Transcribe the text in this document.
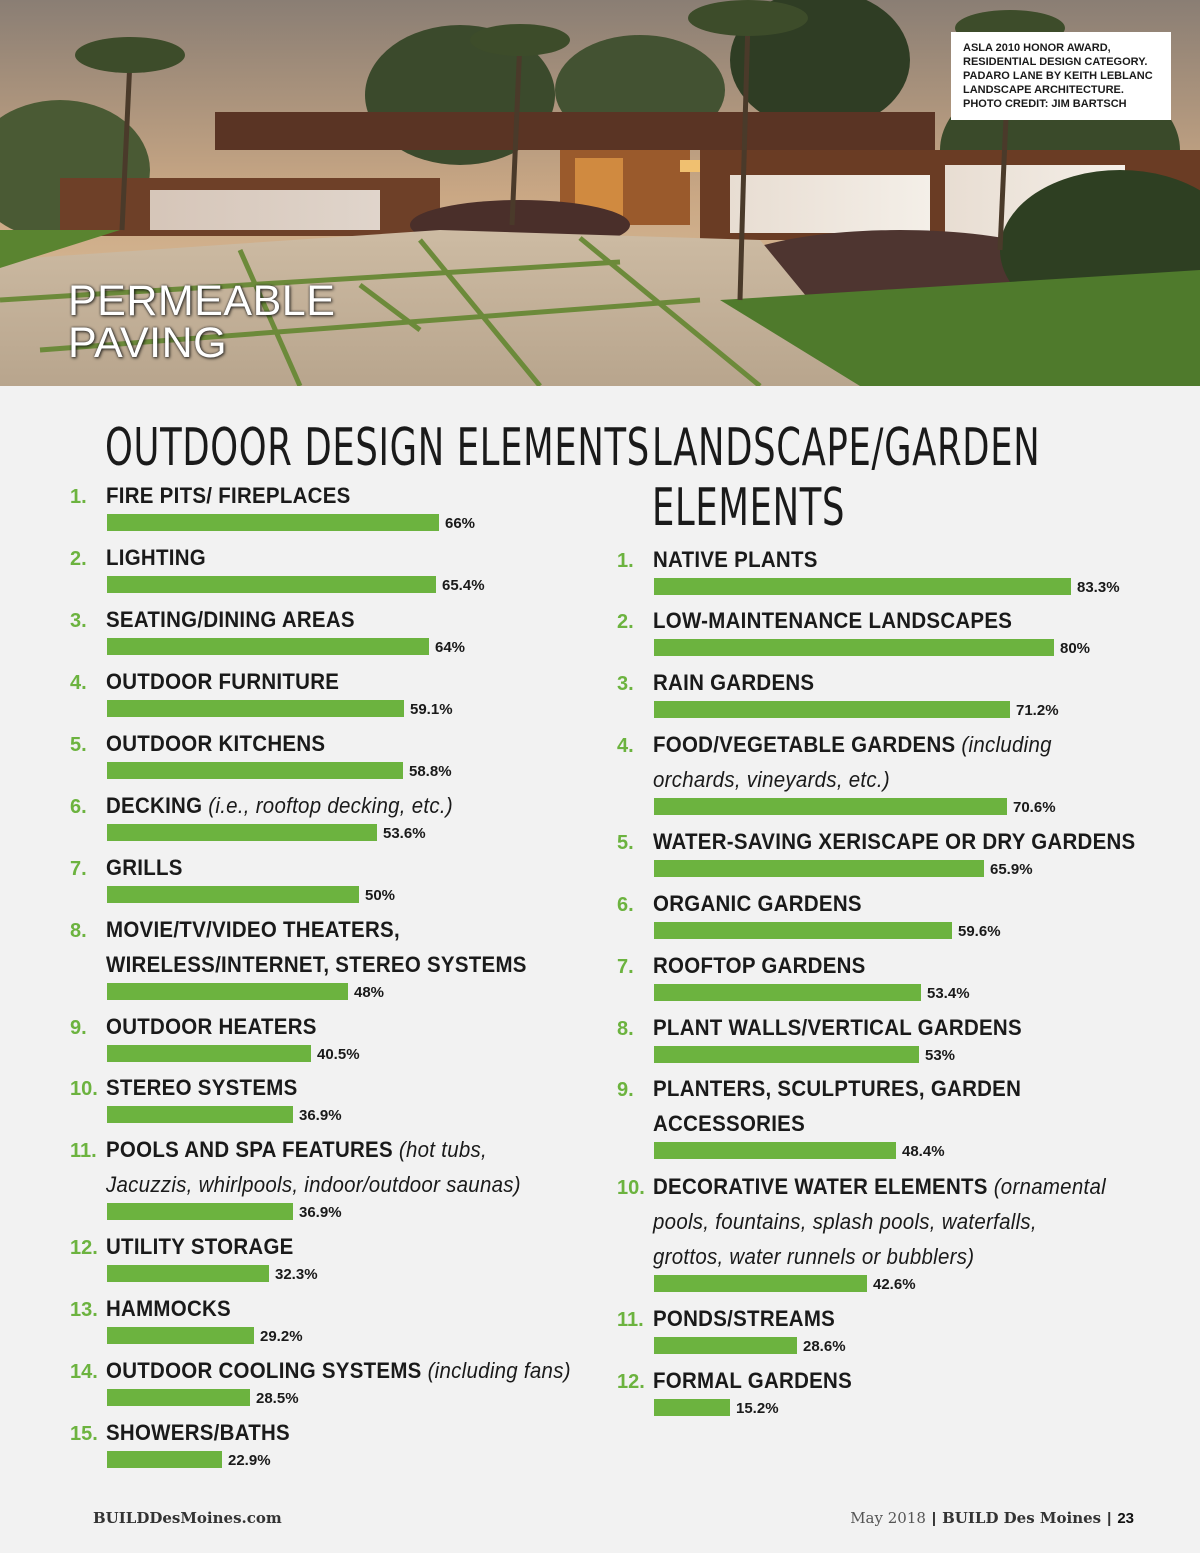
PERMEABLE
PAVING
ASLA 2010 HONOR AWARD,
RESIDENTIAL DESIGN CATEGORY.
PADARO LANE BY KEITH LEBLANC
LANDSCAPE ARCHITECTURE.
PHOTO CREDIT: JIM BARTSCH
OUTDOOR DESIGN ELEMENTS
1. FIRE PITS/ FIREPLACES
66%
2. LIGHTING
65.4%
3. SEATING/DINING AREAS
64%
4. OUTDOOR FURNITURE
59.1%
5. OUTDOOR KITCHENS
58.8%
6. DECKING (i.e., rooftop decking, etc.)
53.6%
7. GRILLS
50%
8. MOVIE/TV/VIDEO THEATERS,
WIRELESS/INTERNET, STEREO SYSTEMS
48%
9. OUTDOOR HEATERS
40.5%
10. STEREO SYSTEMS
36.9%
11. POOLS AND SPA FEATURES (hot tubs,
Jacuzzis, whirlpools, indoor/outdoor saunas)
36.9%
12. UTILITY STORAGE
32.3%
13. HAMMOCKS
29.2%
14. OUTDOOR COOLING SYSTEMS (including fans)
28.5%
15. SHOWERS/BATHS
22.9%
LANDSCAPE/GARDEN
ELEMENTS
1. NATIVE PLANTS
83.3%
2. LOW-MAINTENANCE LANDSCAPES
80%
3. RAIN GARDENS
71.2%
4. FOOD/VEGETABLE GARDENS (including
orchards, vineyards, etc.)
70.6%
5. WATER-SAVING XERISCAPE OR DRY GARDENS
65.9%
6. ORGANIC GARDENS
59.6%
7. ROOFTOP GARDENS
53.4%
8. PLANT WALLS/VERTICAL GARDENS
53%
9. PLANTERS, SCULPTURES, GARDEN
ACCESSORIES
48.4%
10. DECORATIVE WATER ELEMENTS (ornamental
pools, fountains, splash pools, waterfalls,
grottos, water runnels or bubblers)
42.6%
11. PONDS/STREAMS
28.6%
12. FORMAL GARDENS
15.2%
BUILDDesMoines.com	May 2018 | BUILD Des Moines | 23
